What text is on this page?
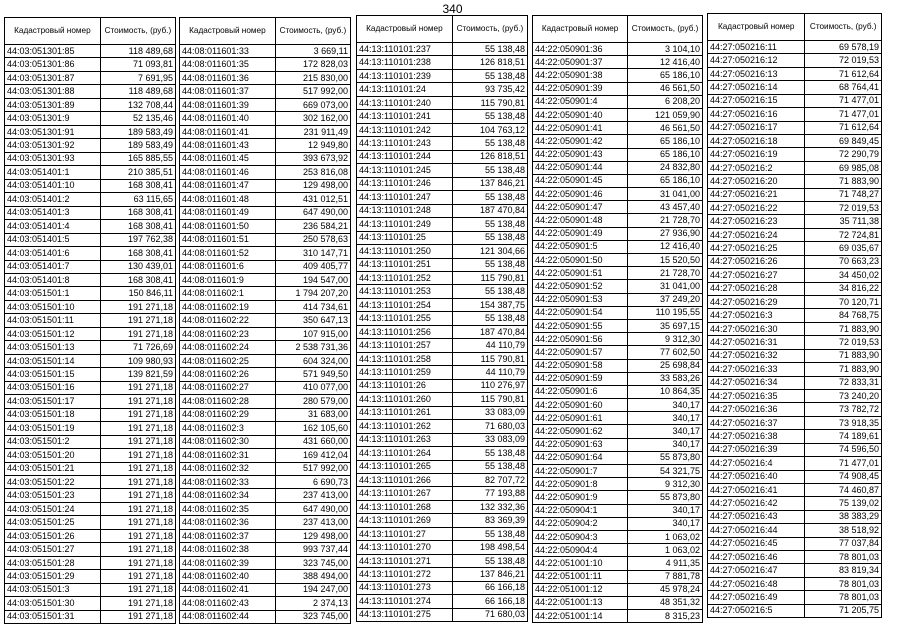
340
Кадастровый номер	Стоимость, (руб.)
44:03:051301:85	118 489,68
44:03:051301:86	71 093,81
44:03:051301:87	7 691,95
44:03:051301:88	118 489,68
44:03:051301:89	132 708,44
44:03:051301:9	52 135,46
44:03:051301:91	189 583,49
44:03:051301:92	189 583,49
44:03:051301:93	165 885,55
44:03:051401:1	210 385,51
44:03:051401:10	168 308,41
44:03:051401:2	63 115,65
44:03:051401:3	168 308,41
44:03:051401:4	168 308,41
44:03:051401:5	197 762,38
44:03:051401:6	168 308,41
44:03:051401:7	130 439,01
44:03:051401:8	168 308,41
44:03:051501:1	150 846,11
44:03:051501:10	191 271,18
44:03:051501:11	191 271,18
44:03:051501:12	191 271,18
44:03:051501:13	71 726,69
44:03:051501:14	109 980,93
44:03:051501:15	139 821,59
44:03:051501:16	191 271,18
44:03:051501:17	191 271,18
44:03:051501:18	191 271,18
44:03:051501:19	191 271,18
44:03:051501:2	191 271,18
44:03:051501:20	191 271,18
44:03:051501:21	191 271,18
44:03:051501:22	191 271,18
44:03:051501:23	191 271,18
44:03:051501:24	191 271,18
44:03:051501:25	191 271,18
44:03:051501:26	191 271,18
44:03:051501:27	191 271,18
44:03:051501:28	191 271,18
44:03:051501:29	191 271,18
44:03:051501:3	191 271,18
44:03:051501:30	191 271,18
44:03:051501:31	191 271,18
Кадастровый номер	Стоимость, (руб.)
44:08:011601:33	3 669,11
44:08:011601:35	172 828,03
44:08:011601:36	215 830,00
44:08:011601:37	517 992,00
44:08:011601:39	669 073,00
44:08:011601:40	302 162,00
44:08:011601:41	231 911,49
44:08:011601:43	12 949,80
44:08:011601:45	393 673,92
44:08:011601:46	253 816,08
44:08:011601:47	129 498,00
44:08:011601:48	431 012,51
44:08:011601:49	647 490,00
44:08:011601:50	236 584,21
44:08:011601:51	250 578,63
44:08:011601:52	310 147,71
44:08:011601:6	409 405,77
44:08:011601:9	194 547,00
44:08:011602:1	1 794 207,20
44:08:011602:19	414 734,61
44:08:011602:22	350 647,13
44:08:011602:23	107 915,00
44:08:011602:24	2 538 731,36
44:08:011602:25	604 324,00
44:08:011602:26	571 949,50
44:08:011602:27	410 077,00
44:08:011602:28	280 579,00
44:08:011602:29	31 683,00
44:08:011602:3	162 105,60
44:08:011602:30	431 660,00
44:08:011602:31	169 412,04
44:08:011602:32	517 992,00
44:08:011602:33	6 690,73
44:08:011602:34	237 413,00
44:08:011602:35	647 490,00
44:08:011602:36	237 413,00
44:08:011602:37	129 498,00
44:08:011602:38	993 737,44
44:08:011602:39	323 745,00
44:08:011602:40	388 494,00
44:08:011602:41	194 247,00
44:08:011602:43	2 374,13
44:08:011602:44	323 745,00
Кадастровый номер	Стоимость, (руб.)
44:13:110101:237	55 138,48
44:13:110101:238	126 818,51
44:13:110101:239	55 138,48
44:13:110101:24	93 735,42
44:13:110101:240	115 790,81
44:13:110101:241	55 138,48
44:13:110101:242	104 763,12
44:13:110101:243	55 138,48
44:13:110101:244	126 818,51
44:13:110101:245	55 138,48
44:13:110101:246	137 846,21
44:13:110101:247	55 138,48
44:13:110101:248	187 470,84
44:13:110101:249	55 138,48
44:13:110101:25	55 138,48
44:13:110101:250	121 304,66
44:13:110101:251	55 138,48
44:13:110101:252	115 790,81
44:13:110101:253	55 138,48
44:13:110101:254	154 387,75
44:13:110101:255	55 138,48
44:13:110101:256	187 470,84
44:13:110101:257	44 110,79
44:13:110101:258	115 790,81
44:13:110101:259	44 110,79
44:13:110101:26	110 276,97
44:13:110101:260	115 790,81
44:13:110101:261	33 083,09
44:13:110101:262	71 680,03
44:13:110101:263	33 083,09
44:13:110101:264	55 138,48
44:13:110101:265	55 138,48
44:13:110101:266	82 707,72
44:13:110101:267	77 193,88
44:13:110101:268	132 332,36
44:13:110101:269	83 369,39
44:13:110101:27	55 138,48
44:13:110101:270	198 498,54
44:13:110101:271	55 138,48
44:13:110101:272	137 846,21
44:13:110101:273	66 166,18
44:13:110101:274	66 166,18
44:13:110101:275	71 680,03
Кадастровый номер	Стоимость, (руб.)
44:22:050901:36	3 104,10
44:22:050901:37	12 416,40
44:22:050901:38	65 186,10
44:22:050901:39	46 561,50
44:22:050901:4	6 208,20
44:22:050901:40	121 059,90
44:22:050901:41	46 561,50
44:22:050901:42	65 186,10
44:22:050901:43	65 186,10
44:22:050901:44	24 832,80
44:22:050901:45	65 186,10
44:22:050901:46	31 041,00
44:22:050901:47	43 457,40
44:22:050901:48	21 728,70
44:22:050901:49	27 936,90
44:22:050901:5	12 416,40
44:22:050901:50	15 520,50
44:22:050901:51	21 728,70
44:22:050901:52	31 041,00
44:22:050901:53	37 249,20
44:22:050901:54	110 195,55
44:22:050901:55	35 697,15
44:22:050901:56	9 312,30
44:22:050901:57	77 602,50
44:22:050901:58	25 698,84
44:22:050901:59	33 583,26
44:22:050901:6	10 864,35
44:22:050901:60	340,17
44:22:050901:61	340,17
44:22:050901:62	340,17
44:22:050901:63	340,17
44:22:050901:64	55 873,80
44:22:050901:7	54 321,75
44:22:050901:8	9 312,30
44:22:050901:9	55 873,80
44:22:050904:1	340,17
44:22:050904:2	340,17
44:22:050904:3	1 063,02
44:22:050904:4	1 063,02
44:22:051001:10	4 911,35
44:22:051001:11	7 881,78
44:22:051001:12	45 978,24
44:22:051001:13	48 351,32
44:22:051001:14	8 315,23
Кадастровый номер	Стоимость, (руб.)
44:27:050216:11	69 578,19
44:27:050216:12	72 019,53
44:27:050216:13	71 612,64
44:27:050216:14	68 764,41
44:27:050216:15	71 477,01
44:27:050216:16	71 477,01
44:27:050216:17	71 612,64
44:27:050216:18	69 849,45
44:27:050216:19	72 290,79
44:27:050216:2	69 985,08
44:27:050216:20	71 883,90
44:27:050216:21	71 748,27
44:27:050216:22	72 019,53
44:27:050216:23	35 711,38
44:27:050216:24	72 724,81
44:27:050216:25	69 035,67
44:27:050216:26	70 663,23
44:27:050216:27	34 450,02
44:27:050216:28	34 816,22
44:27:050216:29	70 120,71
44:27:050216:3	84 768,75
44:27:050216:30	71 883,90
44:27:050216:31	72 019,53
44:27:050216:32	71 883,90
44:27:050216:33	71 883,90
44:27:050216:34	72 833,31
44:27:050216:35	73 240,20
44:27:050216:36	73 782,72
44:27:050216:37	73 918,35
44:27:050216:38	74 189,61
44:27:050216:39	74 596,50
44:27:050216:4	71 477,01
44:27:050216:40	74 908,45
44:27:050216:41	74 460,87
44:27:050216:42	75 139,02
44:27:050216:43	38 383,29
44:27:050216:44	38 518,92
44:27:050216:45	77 037,84
44:27:050216:46	78 801,03
44:27:050216:47	83 819,34
44:27:050216:48	78 801,03
44:27:050216:49	78 801,03
44:27:050216:5	71 205,75
